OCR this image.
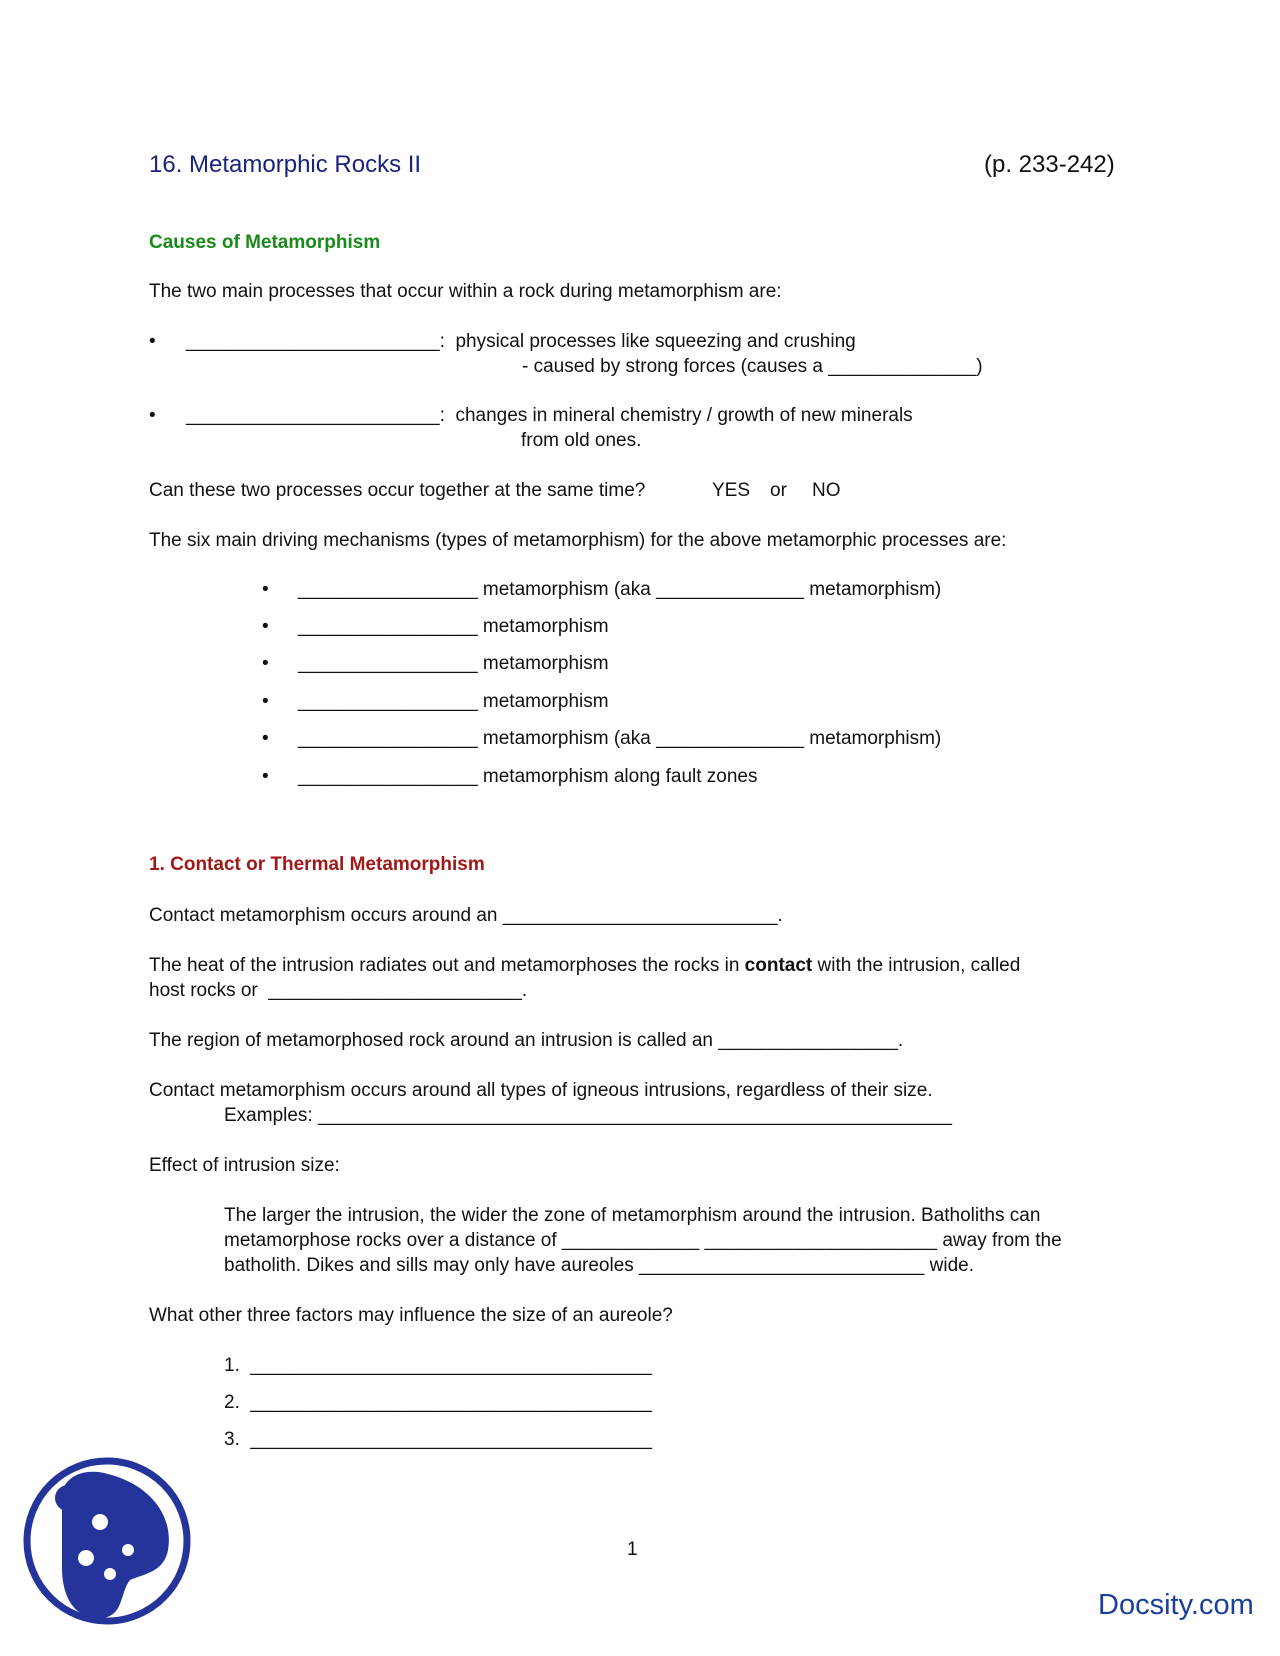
16. Metamorphic Rocks II	(p. 233-242)
Causes of Metamorphism
The two main processes that occur within a rock during metamorphism are:
• ________________________:  physical processes like squeezing and crushing
- caused by strong forces (causes a ______________)
• ________________________:  changes in mineral chemistry / growth of new minerals
from old ones.
Can these two processes occur together at the same time?	YES or NO
The six main driving mechanisms (types of metamorphism) for the above metamorphic processes are:
• _________________ metamorphism (aka ______________ metamorphism)
• _________________ metamorphism
• _________________ metamorphism
• _________________ metamorphism
• _________________ metamorphism (aka ______________ metamorphism)
• _________________ metamorphism along fault zones
1. Contact or Thermal Metamorphism
Contact metamorphism occurs around an __________________________.
The heat of the intrusion radiates out and metamorphoses the rocks in contact with the intrusion, called
host rocks or  ________________________.
The region of metamorphosed rock around an intrusion is called an _________________.
Contact metamorphism occurs around all types of igneous intrusions, regardless of their size.
Examples: ____________________________________________________________
Effect of intrusion size:
The larger the intrusion, the wider the zone of metamorphism around the intrusion. Batholiths can
metamorphose rocks over a distance of _____________ ______________________ away from the
batholith. Dikes and sills may only have aureoles ___________________________ wide.
What other three factors may influence the size of an aureole?
1.  ______________________________________
2.  ______________________________________
3.  ______________________________________
1
Docsity.com
